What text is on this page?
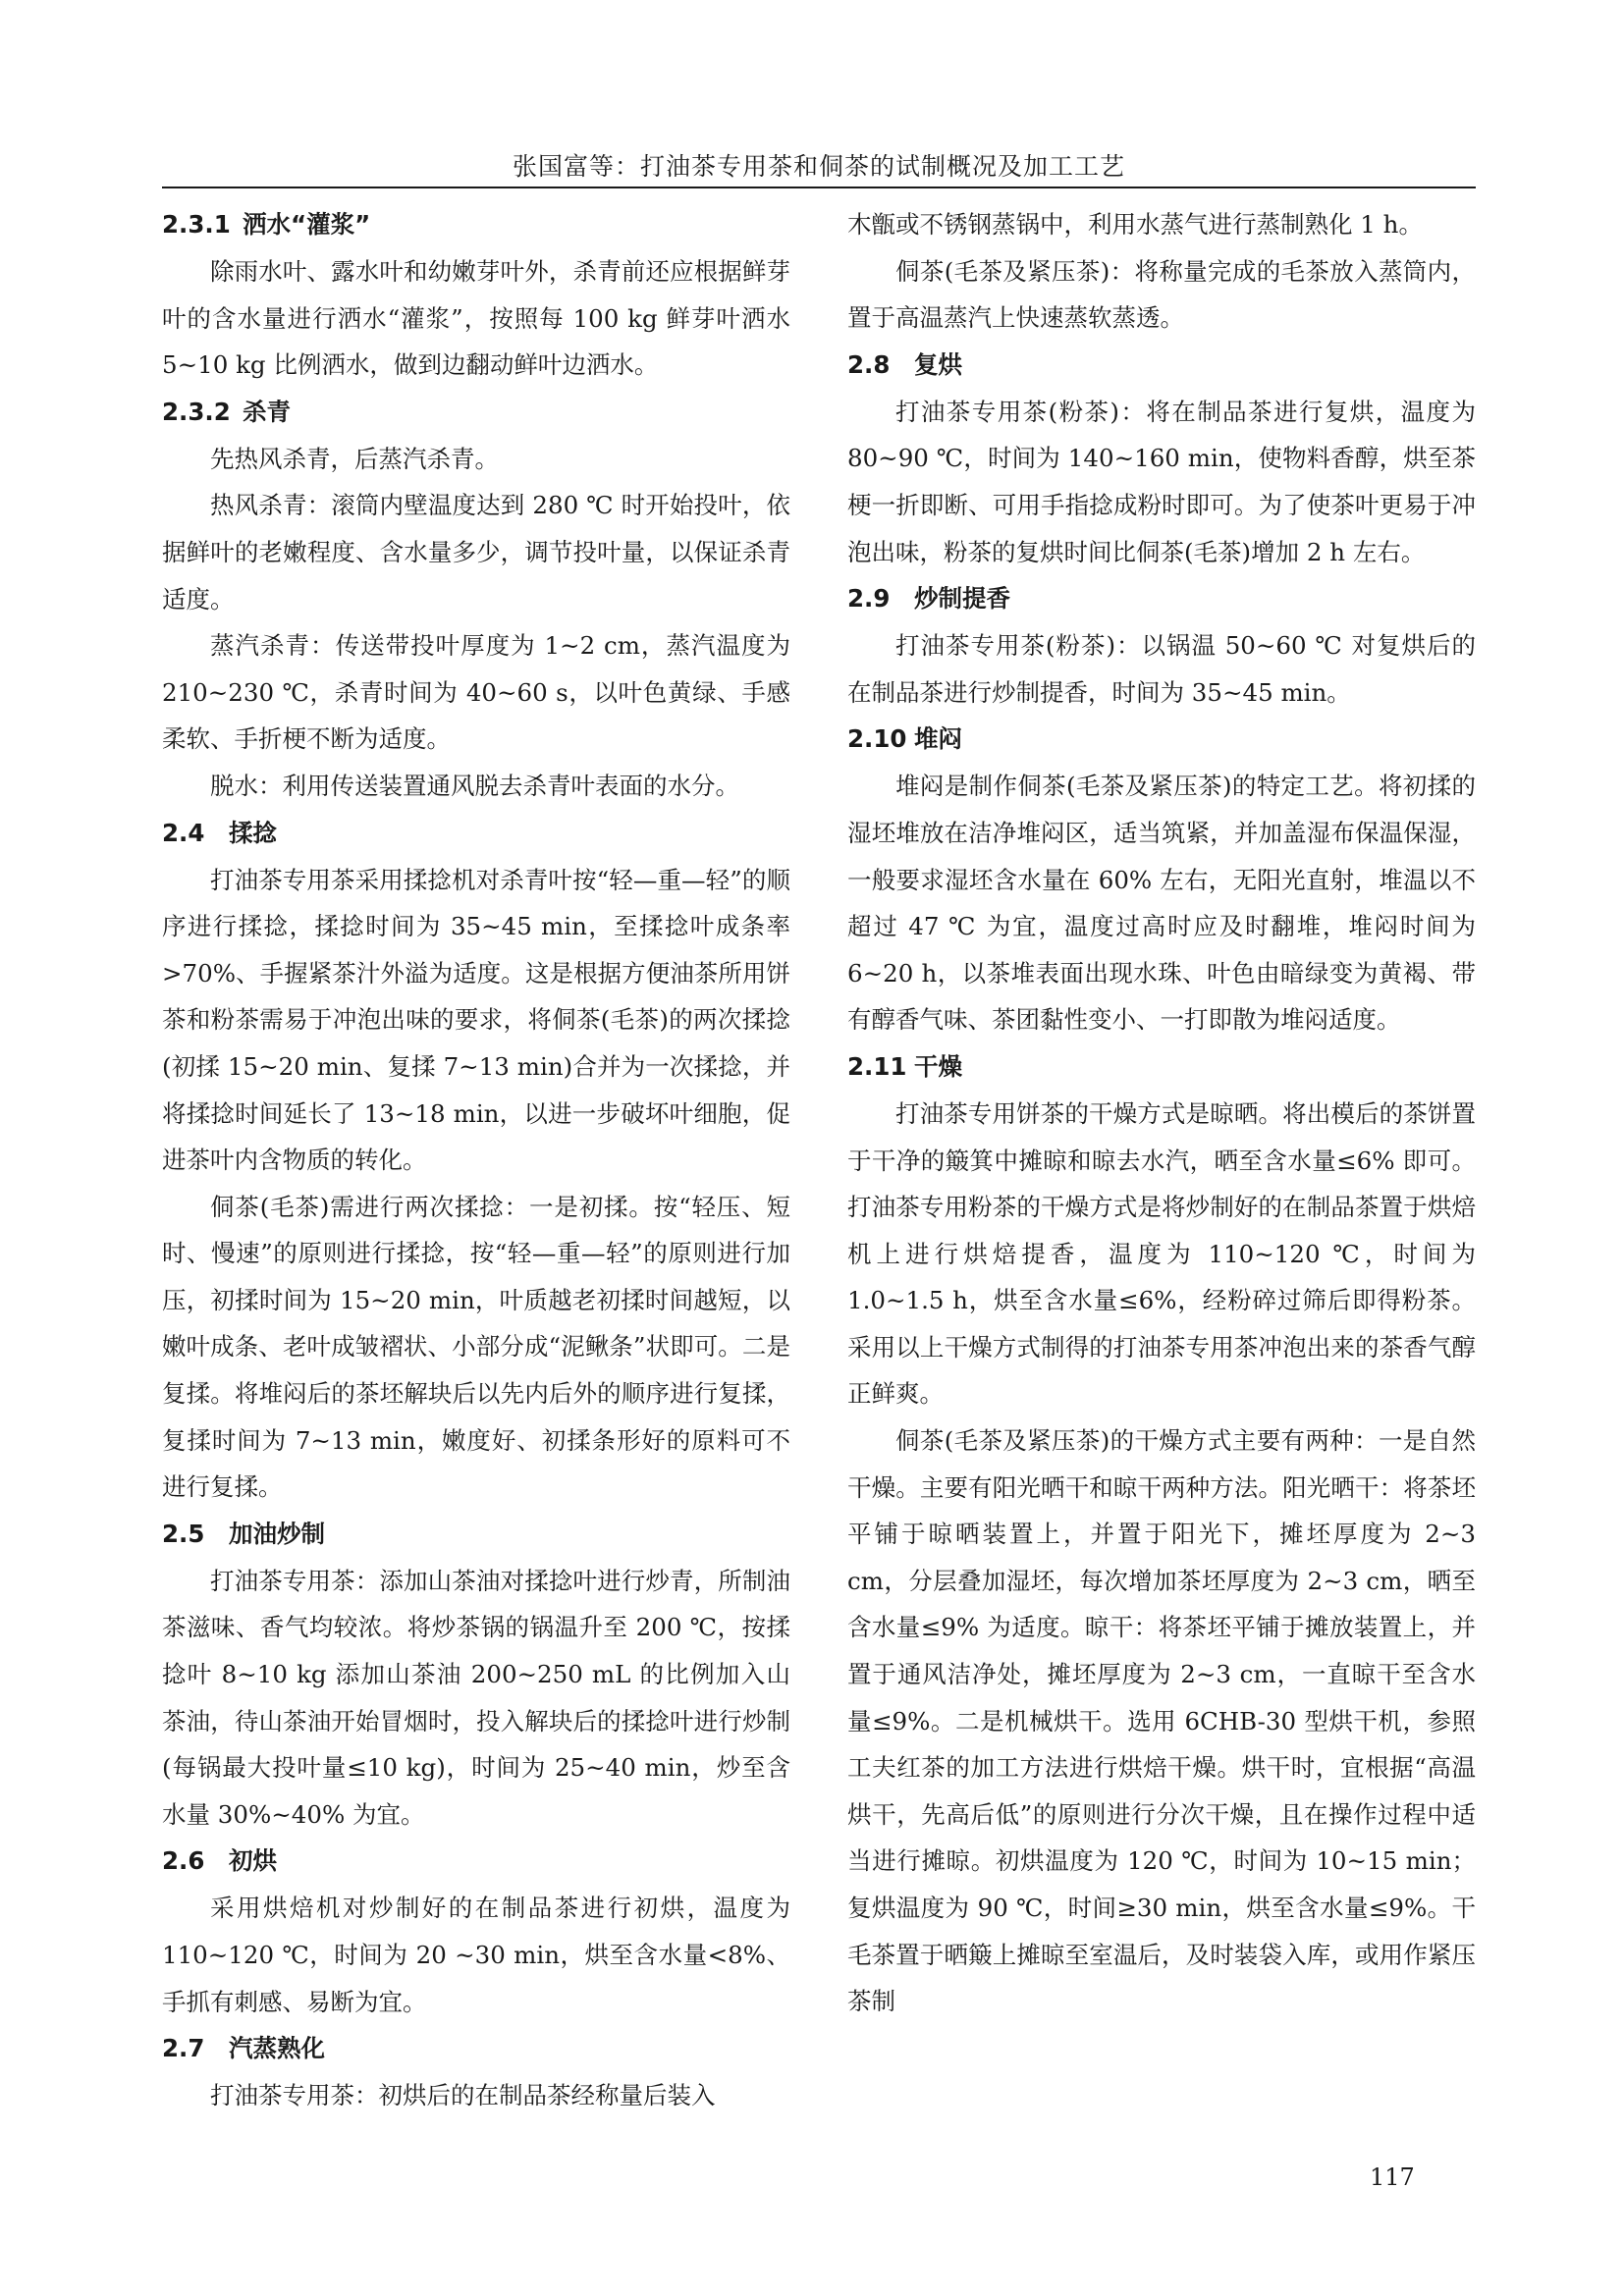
张国富等：打油茶专用茶和侗茶的试制概况及加工工艺
2.3.1 洒水“灌浆”

除雨水叶、露水叶和幼嫩芽叶外，杀青前还应根据鲜芽叶的含水量进行洒水“灌浆”，按照每 100 kg 鲜芽叶洒水 5~10 kg 比例洒水，做到边翻动鲜叶边洒水。

2.3.2 杀青

先热风杀青，后蒸汽杀青。

热风杀青：滚筒内壁温度达到 280 ℃ 时开始投叶，依据鲜叶的老嫩程度、含水量多少，调节投叶量，以保证杀青适度。

蒸汽杀青：传送带投叶厚度为 1~2 cm，蒸汽温度为 210~230 ℃，杀青时间为 40~60 s，以叶色黄绿、手感柔软、手折梗不断为适度。

脱水：利用传送装置通风脱去杀青叶表面的水分。

2.4 揉捻

打油茶专用茶采用揉捻机对杀青叶按“轻—重—轻”的顺序进行揉捻，揉捻时间为 35~45 min，至揉捻叶成条率>70%、手握紧茶汁外溢为适度。这是根据方便油茶所用饼茶和粉茶需易于冲泡出味的要求，将侗茶(毛茶)的两次揉捻(初揉 15~20 min、复揉 7~13 min)合并为一次揉捻，并将揉捻时间延长了 13~18 min，以进一步破坏叶细胞，促进茶叶内含物质的转化。

侗茶(毛茶)需进行两次揉捻：一是初揉。按“轻压、短时、慢速”的原则进行揉捻，按“轻—重—轻”的原则进行加压，初揉时间为 15~20 min，叶质越老初揉时间越短，以嫩叶成条、老叶成皱褶状、小部分成“泥鳅条”状即可。二是复揉。将堆闷后的茶坯解块后以先内后外的顺序进行复揉，复揉时间为 7~13 min，嫩度好、初揉条形好的原料可不进行复揉。

2.5 加油炒制

打油茶专用茶：添加山茶油对揉捻叶进行炒青，所制油茶滋味、香气均较浓。将炒茶锅的锅温升至 200 ℃，按揉捻叶 8~10 kg 添加山茶油 200~250 mL 的比例加入山茶油，待山茶油开始冒烟时，投入解块后的揉捻叶进行炒制(每锅最大投叶量≤10 kg)，时间为 25~40 min，炒至含水量 30%~40% 为宜。

2.6 初烘

采用烘焙机对炒制好的在制品茶进行初烘，温度为 110~120 ℃，时间为 20 ~30 min，烘至含水量<8%、手抓有刺感、易断为宜。

2.7 汽蒸熟化

打油茶专用茶：初烘后的在制品茶经称量后装入

木甑或不锈钢蒸锅中，利用水蒸气进行蒸制熟化 1 h。

侗茶(毛茶及紧压茶)：将称量完成的毛茶放入蒸筒内，置于高温蒸汽上快速蒸软蒸透。

2.8 复烘

打油茶专用茶(粉茶)：将在制品茶进行复烘，温度为 80~90 ℃，时间为 140~160 min，使物料香醇，烘至茶梗一折即断、可用手指捻成粉时即可。为了使茶叶更易于冲泡出味，粉茶的复烘时间比侗茶(毛茶)增加 2 h 左右。

2.9 炒制提香

打油茶专用茶(粉茶)：以锅温 50~60 ℃ 对复烘后的在制品茶进行炒制提香，时间为 35~45 min。

2.10 堆闷

堆闷是制作侗茶(毛茶及紧压茶)的特定工艺。将初揉的湿坯堆放在洁净堆闷区，适当筑紧，并加盖湿布保温保湿，一般要求湿坯含水量在 60% 左右，无阳光直射，堆温以不超过 47 ℃ 为宜，温度过高时应及时翻堆，堆闷时间为 6~20 h，以茶堆表面出现水珠、叶色由暗绿变为黄褐、带有醇香气味、茶团黏性变小、一打即散为堆闷适度。

2.11 干燥

打油茶专用饼茶的干燥方式是晾晒。将出模后的茶饼置于干净的簸箕中摊晾和晾去水汽，晒至含水量≤6% 即可。打油茶专用粉茶的干燥方式是将炒制好的在制品茶置于烘焙机上进行烘焙提香，温度为 110~120 ℃，时间为 1.0~1.5 h，烘至含水量≤6%，经粉碎过筛后即得粉茶。采用以上干燥方式制得的打油茶专用茶冲泡出来的茶香气醇正鲜爽。

侗茶(毛茶及紧压茶)的干燥方式主要有两种：一是自然干燥。主要有阳光晒干和晾干两种方法。阳光晒干：将茶坯平铺于晾晒装置上，并置于阳光下，摊坯厚度为 2~3 cm，分层叠加湿坯，每次增加茶坯厚度为 2~3 cm，晒至含水量≤9% 为适度。晾干：将茶坯平铺于摊放装置上，并置于通风洁净处，摊坯厚度为 2~3 cm，一直晾干至含水量≤9%。二是机械烘干。选用 6CHB-30 型烘干机，参照工夫红茶的加工方法进行烘焙干燥。烘干时，宜根据“高温烘干，先高后低”的原则进行分次干燥，且在操作过程中适当进行摊晾。初烘温度为 120 ℃，时间为 10~15 min；复烘温度为 90 ℃，时间≥30 min，烘至含水量≤9%。干毛茶置于晒簸上摊晾至室温后，及时装袋入库，或用作紧压茶制

117
